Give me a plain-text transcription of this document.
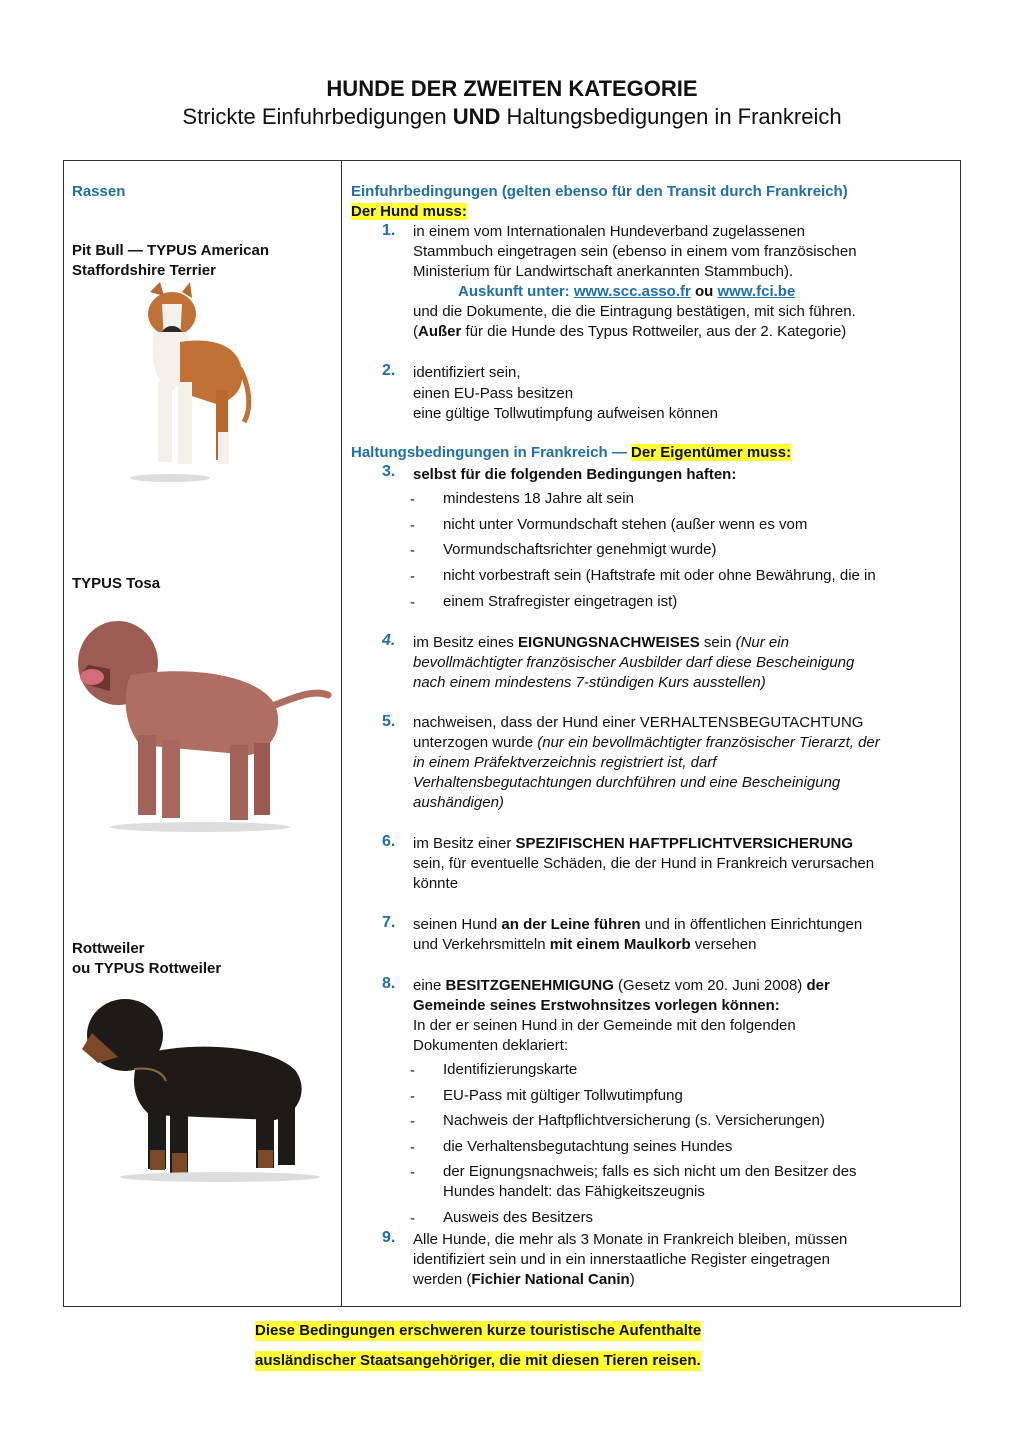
HUNDE DER ZWEITEN KATEGORIE
Strickte Einfuhrbedigungen UND Haltungsbedigungen in Frankreich
Rassen
Pit Bull — TYPUS American
Staffordshire Terrier
TYPUS Tosa
Rottweiler
ou TYPUS Rottweiler
Einfuhrbedingungen (gelten ebenso für den Transit durch Frankreich)
Der Hund muss:
1. in einem vom Internationalen Hundeverband zugelassenen
Stammbuch eingetragen sein (ebenso in einem vom französischen
Ministerium für Landwirtschaft anerkannten Stammbuch).
Auskunft unter: www.scc.asso.fr ou www.fci.be
und die Dokumente, die die Eintragung bestätigen, mit sich führen.
(Außer für die Hunde des Typus Rottweiler, aus der 2. Kategorie)
2. identifiziert sein,
einen EU-Pass besitzen
eine gültige Tollwutimpfung aufweisen können
Haltungsbedingungen in Frankreich — Der Eigentümer muss:
3. selbst für die folgenden Bedingungen haften:
- mindestens 18 Jahre alt sein
- nicht unter Vormundschaft stehen (außer wenn es vom
- Vormundschaftsrichter genehmigt wurde)
- nicht vorbestraft sein (Haftstrafe mit oder ohne Bewährung, die in
- einem Strafregister eingetragen ist)
4. im Besitz eines EIGNUNGSNACHWEISES sein (Nur ein
bevollmächtigter französischer Ausbilder darf diese Bescheinigung
nach einem mindestens 7-stündigen Kurs ausstellen)
5. nachweisen, dass der Hund einer VERHALTENSBEGUTACHTUNG
unterzogen wurde (nur ein bevollmächtigter französischer Tierarzt, der
in einem Präfektverzeichnis registriert ist, darf
Verhaltensbegutachtungen durchführen und eine Bescheinigung
aushändigen)
6. im Besitz einer SPEZIFISCHEN HAFTPFLICHTVERSICHERUNG
sein, für eventuelle Schäden, die der Hund in Frankreich verursachen
könnte
7. seinen Hund an der Leine führen und in öffentlichen Einrichtungen
und Verkehrsmitteln mit einem Maulkorb versehen
8. eine BESITZGENEHMIGUNG (Gesetz vom 20. Juni 2008) der
Gemeinde seines Erstwohnsitzes vorlegen können:
In der er seinen Hund in der Gemeinde mit den folgenden
Dokumenten deklariert:
- Identifizierungskarte
- EU-Pass mit gültiger Tollwutimpfung
- Nachweis der Haftpflichtversicherung (s. Versicherungen)
- die Verhaltensbegutachtung seines Hundes
- der Eignungsnachweis; falls es sich nicht um den Besitzer des
Hundes handelt: das Fähigkeitszeugnis
- Ausweis des Besitzers
9. Alle Hunde, die mehr als 3 Monate in Frankreich bleiben, müssen
identifiziert sein und in ein innerstaatliche Register eingetragen
werden (Fichier National Canin)
Diese Bedingungen erschweren kurze touristische Aufenthalte
ausländischer Staatsangehöriger, die mit diesen Tieren reisen.
